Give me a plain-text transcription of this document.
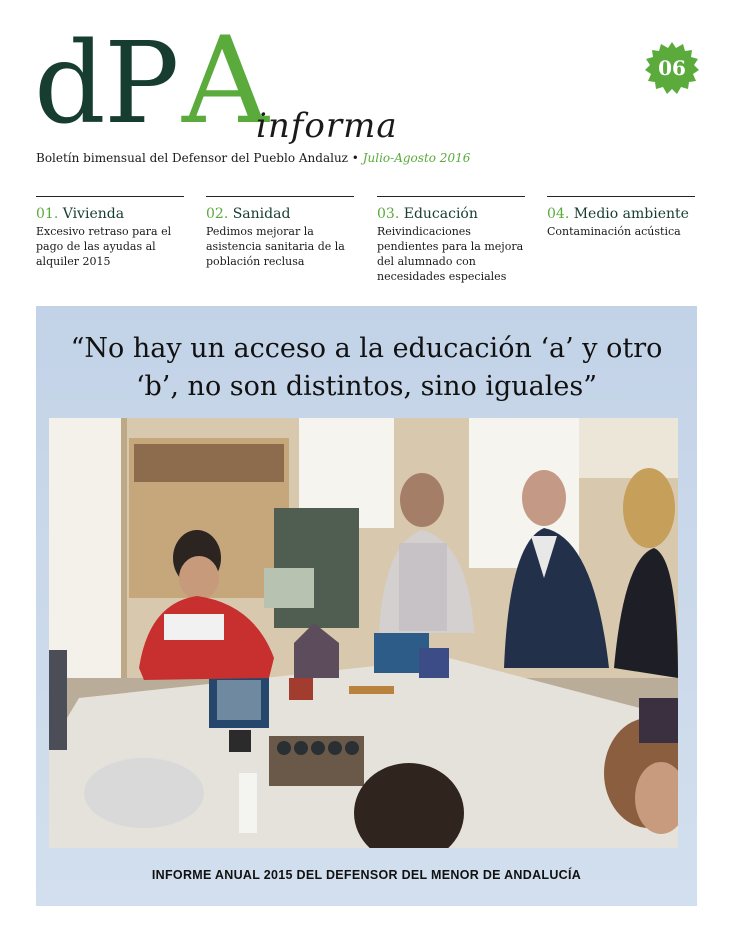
d P A
informa
06
Boletín bimensual del Defensor del Pueblo Andaluz • Julio-Agosto 2016
01. Vivienda
Excesivo retraso para el pago de las ayudas al alquiler 2015
02. Sanidad
Pedimos mejorar la asistencia sanitaria de la población reclusa
03. Educación
Reivindicaciones pendientes para la mejora del alumnado con necesidades especiales
04. Medio ambiente
Contaminación acústica
“No hay un acceso a la educación ‘a’ y otro
‘b’, no son distintos, sino iguales”
INFORME ANUAL 2015 DEL DEFENSOR DEL MENOR DE ANDALUCÍA
